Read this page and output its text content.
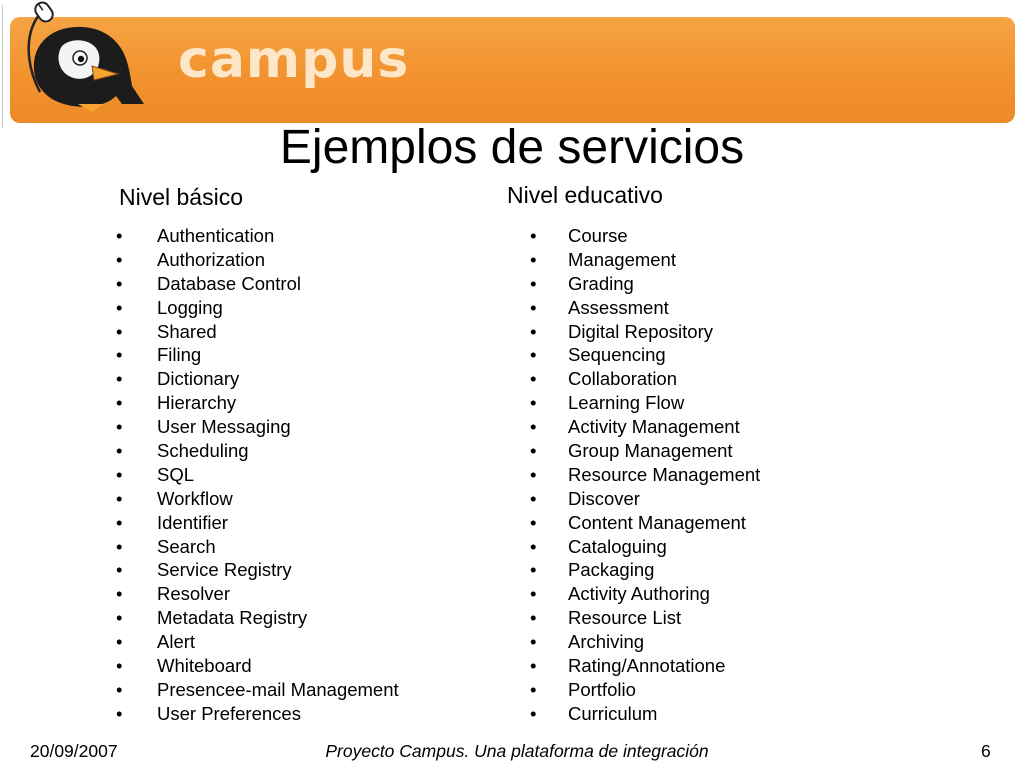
campus
Ejemplos de servicios
Nivel básico	Nivel educativo
• Authentication
• Authorization
• Database Control
• Logging
• Shared
• Filing
• Dictionary
• Hierarchy
• User Messaging
• Scheduling
• SQL
• Workflow
• Identifier
• Search
• Service Registry
• Resolver
• Metadata Registry
• Alert
• Whiteboard
• Presencee-mail Management
• User Preferences
• Course
• Management
• Grading
• Assessment
• Digital Repository
• Sequencing
• Collaboration
• Learning Flow
• Activity Management
• Group Management
• Resource Management
• Discover
• Content Management
• Cataloguing
• Packaging
• Activity Authoring
• Resource List
• Archiving
• Rating/Annotatione
• Portfolio
• Curriculum
20/09/2007	Proyecto Campus. Una plataforma de integración	6
